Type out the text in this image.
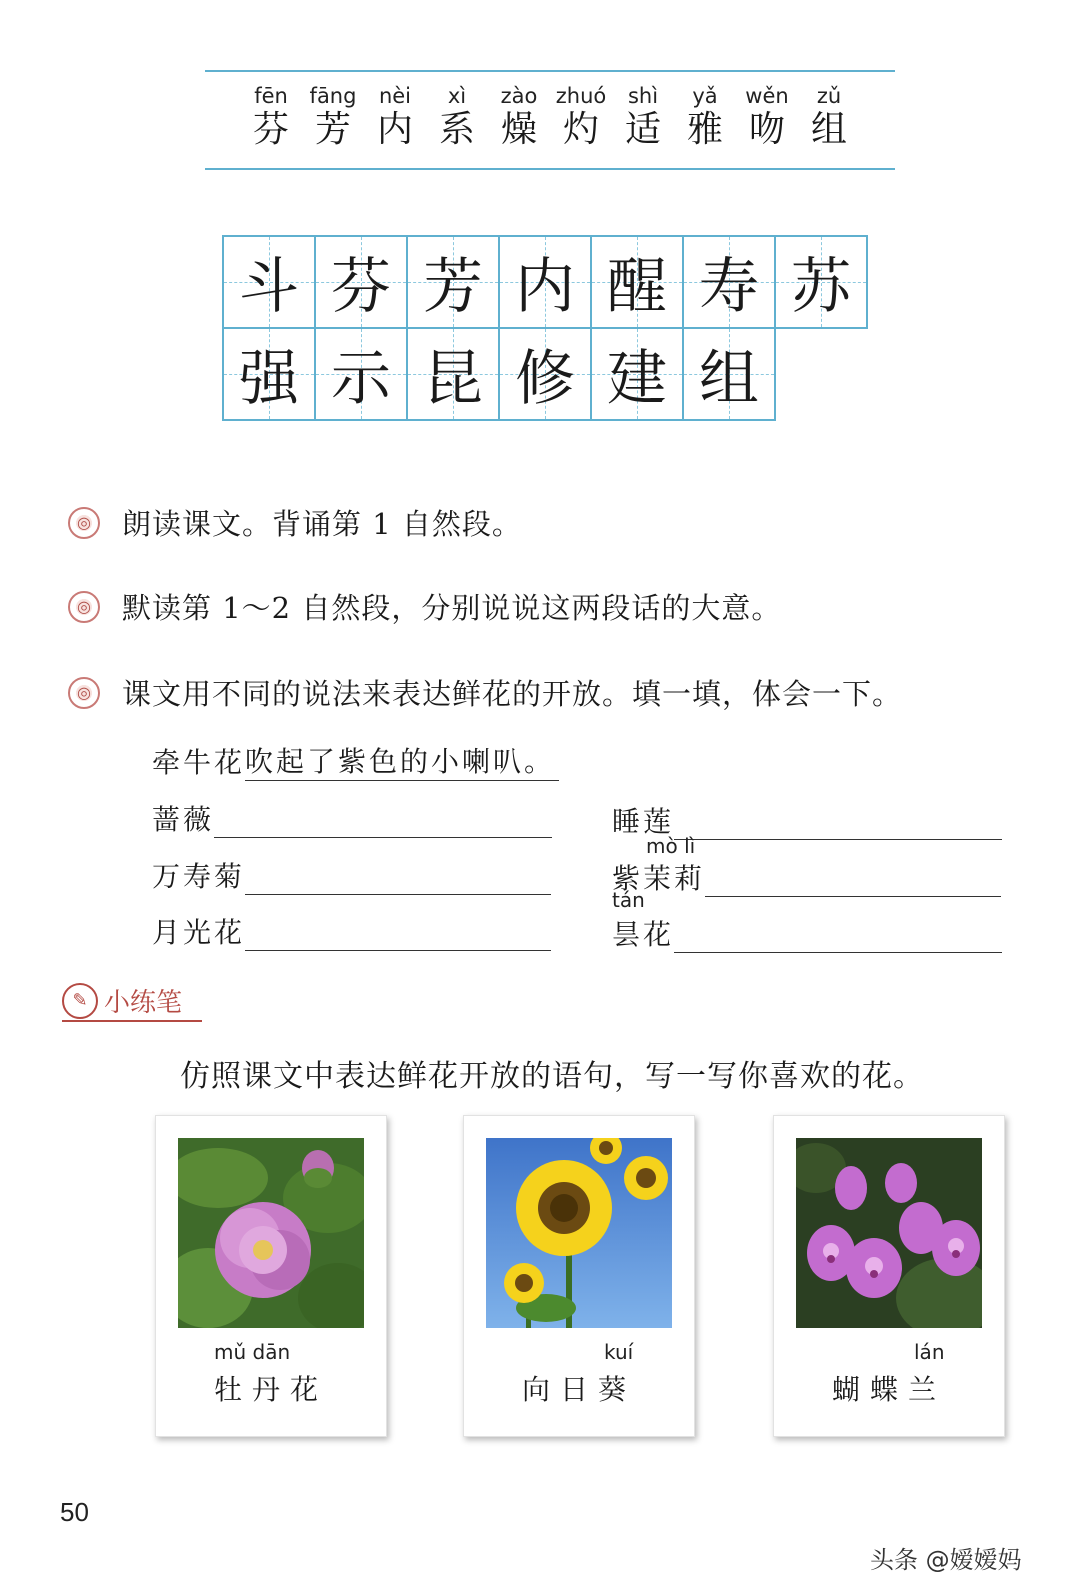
fēn
芬
fāng
芳
nèi
内
xì
系
zào
燥
zhuó
灼
shì
适
yǎ
雅
wěn
吻
zǔ
组
斗 芬 芳 内 醒 寿 苏
强 示 昆 修 建 组
◎	朗读课文。背诵第 1 自然段。
◎	默读第 1～2 自然段，分别说说这两段话的大意。
◎	课文用不同的说法来表达鲜花的开放。填一填，体会一下。
牵牛花 吹起了紫色的小喇叭。
蔷薇
万寿菊
月光花
睡莲
mò lì
紫茉莉
tán
昙花
✎ 小练笔
仿照课文中表达鲜花开放的语句，写一写你喜欢的花。
mǔ dān
牡丹花
kuí
向日葵
lán
蝴蝶兰
50
头条 @嫒嫒妈
